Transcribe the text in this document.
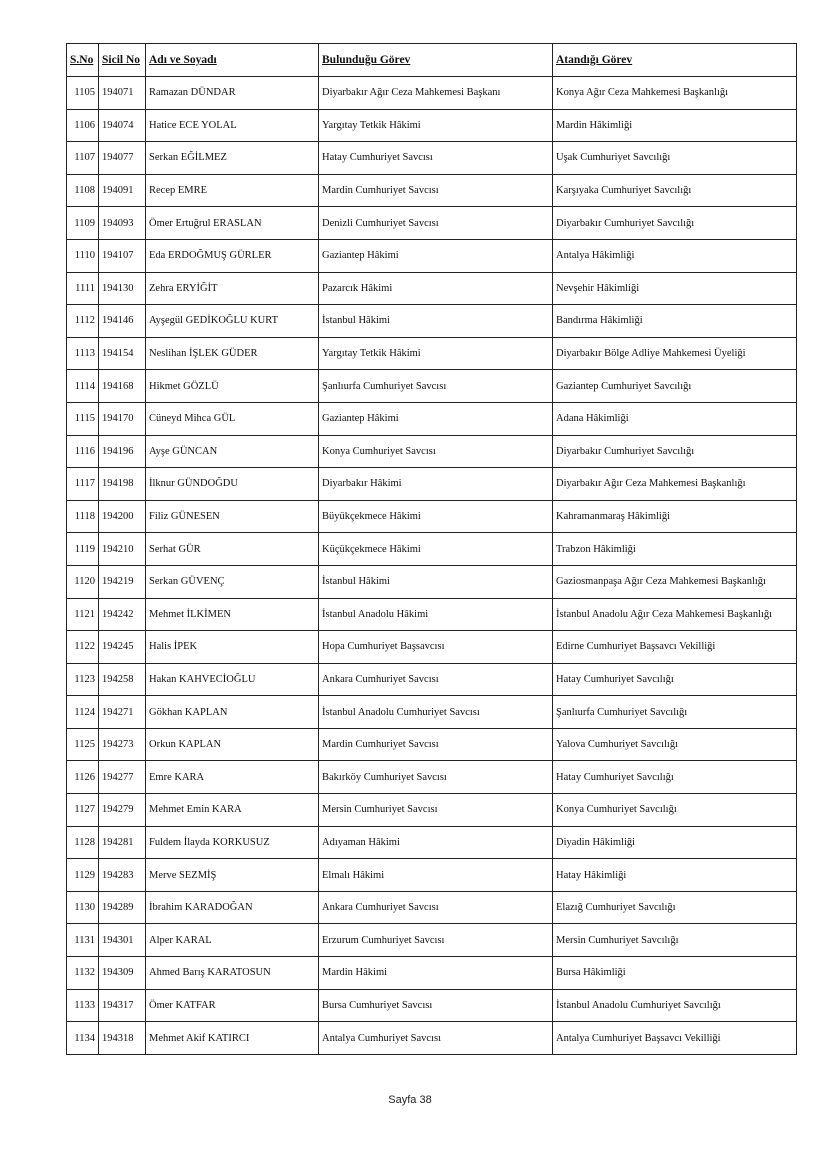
S.No	Sicil No	Adı ve Soyadı	Bulunduğu Görev	Atandığı Görev
1105	194071	Ramazan DÜNDAR	Diyarbakır Ağır Ceza Mahkemesi Başkanı	Konya Ağır Ceza Mahkemesi Başkanlığı
1106	194074	Hatice ECE YOLAL	Yargıtay Tetkik Hâkimi	Mardin Hâkimliği
1107	194077	Serkan EĞİLMEZ	Hatay Cumhuriyet Savcısı	Uşak Cumhuriyet Savcılığı
1108	194091	Recep EMRE	Mardin Cumhuriyet Savcısı	Karşıyaka Cumhuriyet Savcılığı
1109	194093	Ömer Ertuğrul ERASLAN	Denizli Cumhuriyet Savcısı	Diyarbakır Cumhuriyet Savcılığı
1110	194107	Eda ERDOĞMUŞ GÜRLER	Gaziantep Hâkimi	Antalya Hâkimliği
1111	194130	Zehra ERYİĞİT	Pazarcık Hâkimi	Nevşehir Hâkimliği
1112	194146	Ayşegül GEDİKOĞLU KURT	İstanbul Hâkimi	Bandırma Hâkimliği
1113	194154	Neslihan İŞLEK GÜDER	Yargıtay Tetkik Hâkimi	Diyarbakır Bölge Adliye Mahkemesi Üyeliği
1114	194168	Hikmet GÖZLÜ	Şanlıurfa Cumhuriyet Savcısı	Gaziantep Cumhuriyet Savcılığı
1115	194170	Cüneyd Mihca GÜL	Gaziantep Hâkimi	Adana Hâkimliği
1116	194196	Ayşe GÜNCAN	Konya Cumhuriyet Savcısı	Diyarbakır Cumhuriyet Savcılığı
1117	194198	İlknur GÜNDOĞDU	Diyarbakır Hâkimi	Diyarbakır Ağır Ceza Mahkemesi Başkanlığı
1118	194200	Filiz GÜNESEN	Büyükçekmece Hâkimi	Kahramanmaraş Hâkimliği
1119	194210	Serhat GÜR	Küçükçekmece Hâkimi	Trabzon Hâkimliği
1120	194219	Serkan GÜVENÇ	İstanbul Hâkimi	Gaziosmanpaşa Ağır Ceza Mahkemesi Başkanlığı
1121	194242	Mehmet İLKİMEN	İstanbul Anadolu Hâkimi	İstanbul Anadolu Ağır Ceza Mahkemesi Başkanlığı
1122	194245	Halis İPEK	Hopa Cumhuriyet Başsavcısı	Edirne Cumhuriyet Başsavcı Vekilliği
1123	194258	Hakan KAHVECİOĞLU	Ankara Cumhuriyet Savcısı	Hatay Cumhuriyet Savcılığı
1124	194271	Gökhan KAPLAN	İstanbul Anadolu Cumhuriyet Savcısı	Şanlıurfa Cumhuriyet Savcılığı
1125	194273	Orkun KAPLAN	Mardin Cumhuriyet Savcısı	Yalova Cumhuriyet Savcılığı
1126	194277	Emre KARA	Bakırköy Cumhuriyet Savcısı	Hatay Cumhuriyet Savcılığı
1127	194279	Mehmet Emin KARA	Mersin Cumhuriyet Savcısı	Konya Cumhuriyet Savcılığı
1128	194281	Fuldem İlayda KORKUSUZ	Adıyaman Hâkimi	Diyadin Hâkimliği
1129	194283	Merve SEZMİŞ	Elmalı Hâkimi	Hatay Hâkimliği
1130	194289	İbrahim KARADOĞAN	Ankara Cumhuriyet Savcısı	Elazığ Cumhuriyet Savcılığı
1131	194301	Alper KARAL	Erzurum Cumhuriyet Savcısı	Mersin Cumhuriyet Savcılığı
1132	194309	Ahmed Barış KARATOSUN	Mardin Hâkimi	Bursa Hâkimliği
1133	194317	Ömer KATFAR	Bursa Cumhuriyet Savcısı	İstanbul Anadolu Cumhuriyet Savcılığı
1134	194318	Mehmet Akif KATIRCI	Antalya Cumhuriyet Savcısı	Antalya Cumhuriyet Başsavcı Vekilliği
Sayfa 38
